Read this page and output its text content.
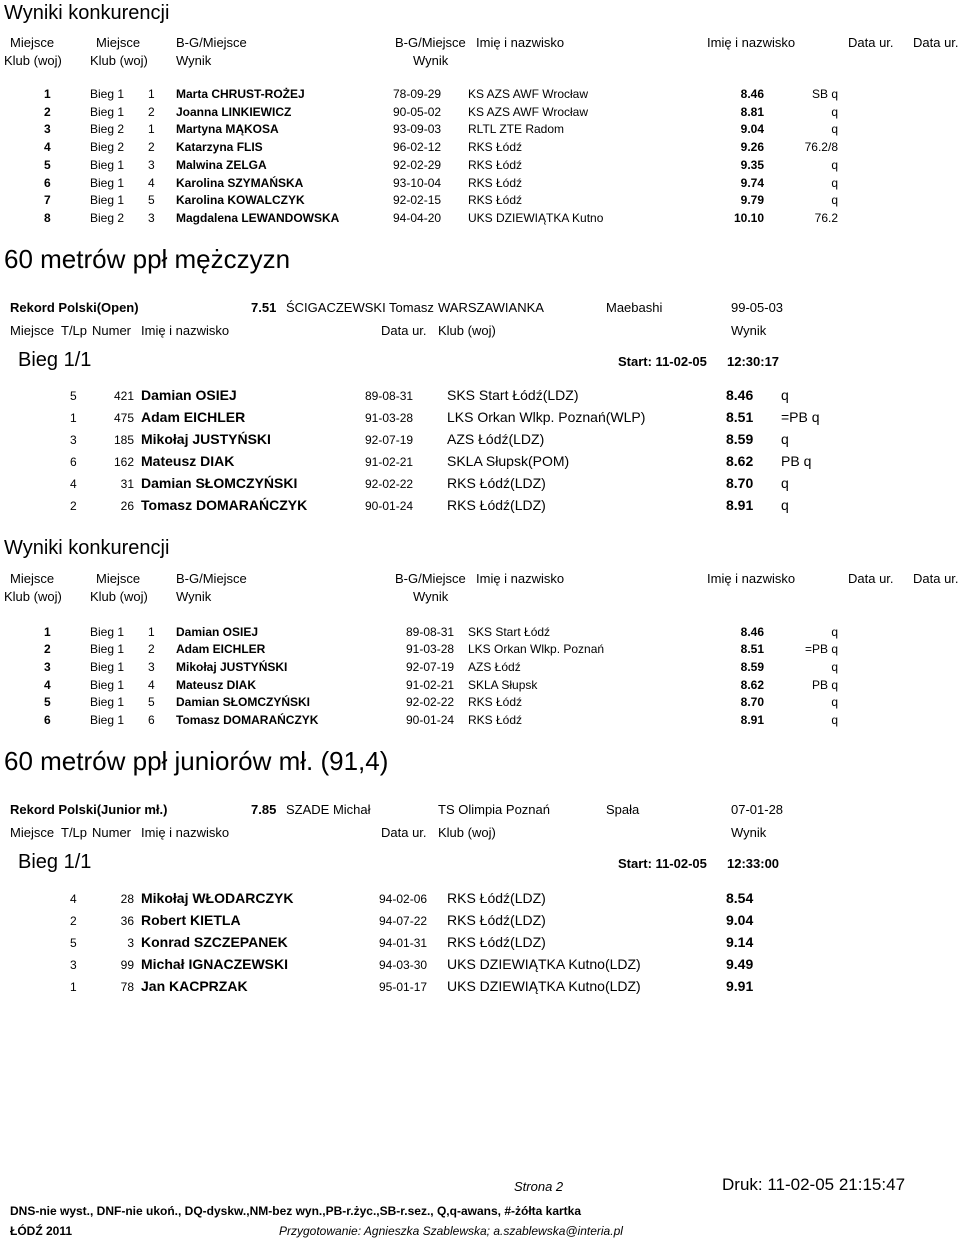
Wyniki konkurencji
Miejsce	Miejsce	B-G/Miejsce	B-G/Miejsce Imię i nazwisko	Imię i nazwisko	Data ur. Data ur.
Klub (woj) Klub (woj) Wynik	Wynik
1	Bieg 1 1 Marta CHRUST-ROŻEJ	78-09-29 KS AZS AWF Wrocław	8.46	SB q
2	Bieg 1 2 Joanna LINKIEWICZ	90-05-02 KS AZS AWF Wrocław	8.81	q
3	Bieg 2 1 Martyna MĄKOSA	93-09-03 RLTL ZTE Radom	9.04	q
4	Bieg 2 2 Katarzyna FLIS	96-02-12 RKS Łódź	9.26	76.2/8
5	Bieg 1 3 Malwina ZELGA	92-02-29 RKS Łódź	9.35	q
6	Bieg 1 4 Karolina SZYMAŃSKA	93-10-04 RKS Łódź	9.74	q
7	Bieg 1 5 Karolina KOWALCZYK	92-02-15 RKS Łódź	9.79	q
8	Bieg 2 3 Magdalena LEWANDOWSKA	94-04-20 UKS DZIEWIĄTKA Kutno	10.10	76.2
60 metrów ppł mężczyzn
Rekord Polski(Open)	7.51 ŚCIGACZEWSKI Tomasz WARSZAWIANKA	Maebashi	99-05-03
Miejsce T/Lp Numer Imię i nazwisko	Data ur. Klub (woj)	Wynik
Bieg 1/1	Start: 11-02-05 12:30:17
5	421 Damian OSIEJ	89-08-31 SKS Start Łódź(LDZ)	8.46 q
1	475 Adam EICHLER	91-03-28 LKS Orkan Wlkp. Poznań(WLP)	8.51 =PB q
3	185 Mikołaj JUSTYŃSKI	92-07-19 AZS Łódź(LDZ)	8.59 q
6	162 Mateusz DIAK	91-02-21 SKLA Słupsk(POM)	8.62 PB q
4	31 Damian SŁOMCZYŃSKI	92-02-22 RKS Łódź(LDZ)	8.70 q
2	26 Tomasz DOMARAŃCZYK	90-01-24 RKS Łódź(LDZ)	8.91 q
Wyniki konkurencji
Miejsce	Miejsce	B-G/Miejsce	B-G/Miejsce Imię i nazwisko	Imię i nazwisko	Data ur. Data ur.
Klub (woj) Klub (woj) Wynik	Wynik
1	Bieg 1 1 Damian OSIEJ	89-08-31 SKS Start Łódź	8.46	q
2	Bieg 1 2 Adam EICHLER	91-03-28 LKS Orkan Wlkp. Poznań	8.51	=PB q
3	Bieg 1 3 Mikołaj JUSTYŃSKI	92-07-19 AZS Łódź	8.59	q
4	Bieg 1 4 Mateusz DIAK	91-02-21 SKLA Słupsk	8.62	PB q
5	Bieg 1 5 Damian SŁOMCZYŃSKI	92-02-22 RKS Łódź	8.70	q
6	Bieg 1 6 Tomasz DOMARAŃCZYK	90-01-24 RKS Łódź	8.91	q
60 metrów ppł juniorów mł. (91,4)
Rekord Polski(Junior mł.)	7.85 SZADE Michał	TS Olimpia Poznań	Spała	07-01-28
Miejsce T/Lp Numer Imię i nazwisko	Data ur. Klub (woj)	Wynik
Bieg 1/1	Start: 11-02-05 12:33:00
4	28 Mikołaj WŁODARCZYK	94-02-06 RKS Łódź(LDZ)	8.54
2	36 Robert KIETLA	94-07-22 RKS Łódź(LDZ)	9.04
5	3 Konrad SZCZEPANEK	94-01-31 RKS Łódź(LDZ)	9.14
3	99 Michał IGNACZEWSKI	94-03-30 UKS DZIEWIĄTKA Kutno(LDZ)	9.49
1	78 Jan KACPRZAK	95-01-17 UKS DZIEWIĄTKA Kutno(LDZ)	9.91
Strona 2	Druk: 11-02-05 21:15:47
DNS-nie wyst., DNF-nie ukoń., DQ-dyskw.,NM-bez wyn.,PB-r.życ.,SB-r.sez., Q,q-awans, #-żółta kartka
ŁÓDŹ 2011	Przygotowanie: Agnieszka Szablewska; a.szablewska@interia.pl
